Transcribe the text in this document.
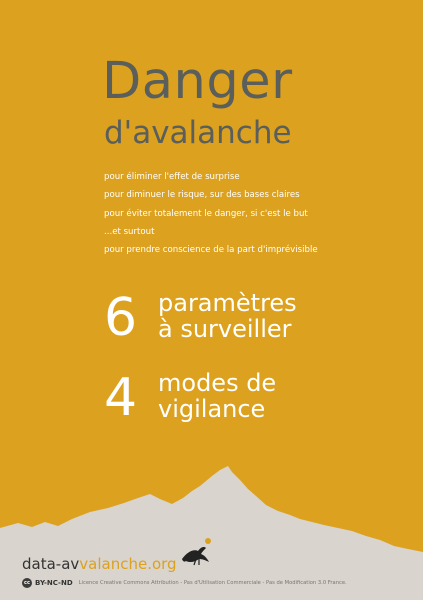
Danger
d'avalanche
pour éliminer l'effet de surprise
pour diminuer le risque, sur des bases claires
pour éviter totalement le danger, si c'est le but
...et surtout
pour prendre conscience de la part d'imprévisible
6 paramètres
à surveiller
4 modes de
vigilance
data-avvalanche.org
cc BY-NC-ND Licence Creative Commons Attribution - Pas d'Utilisation Commerciale - Pas de Modification 3.0 France.
